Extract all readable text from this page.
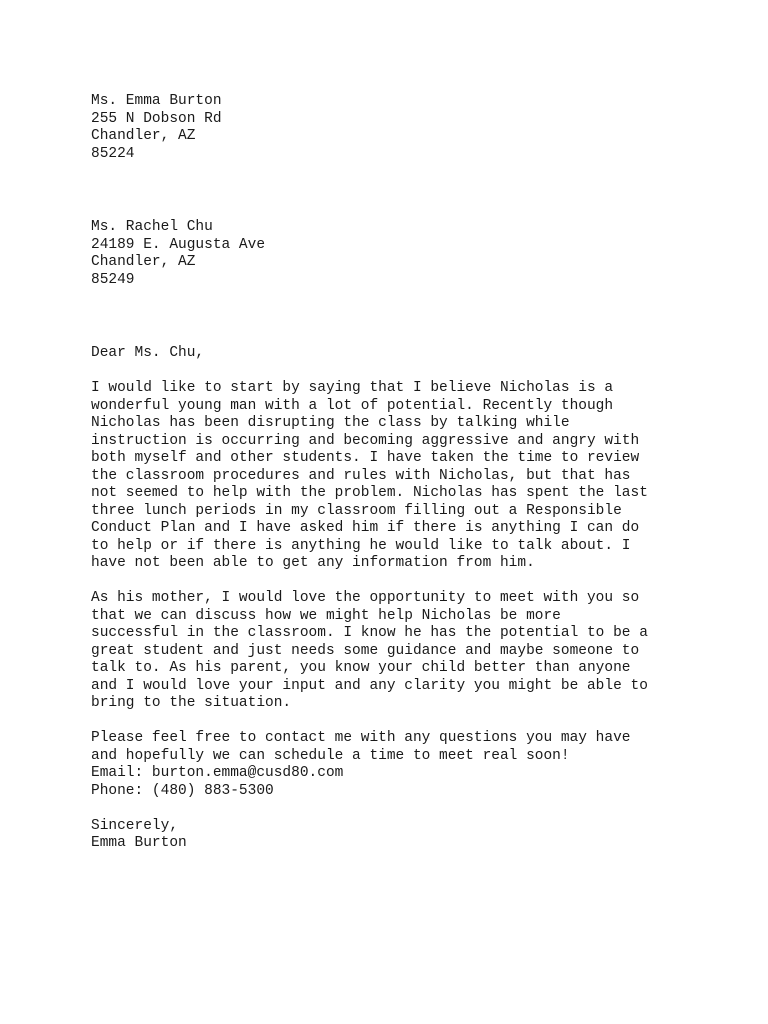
Ms. Emma Burton
255 N Dobson Rd
Chandler, AZ
85224
Ms. Rachel Chu
24189 E. Augusta Ave
Chandler, AZ
85249
Dear Ms. Chu,

I would like to start by saying that I believe Nicholas is a
wonderful young man with a lot of potential. Recently though
Nicholas has been disrupting the class by talking while
instruction is occurring and becoming aggressive and angry with
both myself and other students. I have taken the time to review
the classroom procedures and rules with Nicholas, but that has
not seemed to help with the problem. Nicholas has spent the last
three lunch periods in my classroom filling out a Responsible
Conduct Plan and I have asked him if there is anything I can do
to help or if there is anything he would like to talk about. I
have not been able to get any information from him.

As his mother, I would love the opportunity to meet with you so
that we can discuss how we might help Nicholas be more
successful in the classroom. I know he has the potential to be a
great student and just needs some guidance and maybe someone to
talk to. As his parent, you know your child better than anyone
and I would love your input and any clarity you might be able to
bring to the situation.

Please feel free to contact me with any questions you may have
and hopefully we can schedule a time to meet real soon!

Email: burton.emma@cusd80.com
Phone: (480) 883-5300
Sincerely,
Emma Burton
